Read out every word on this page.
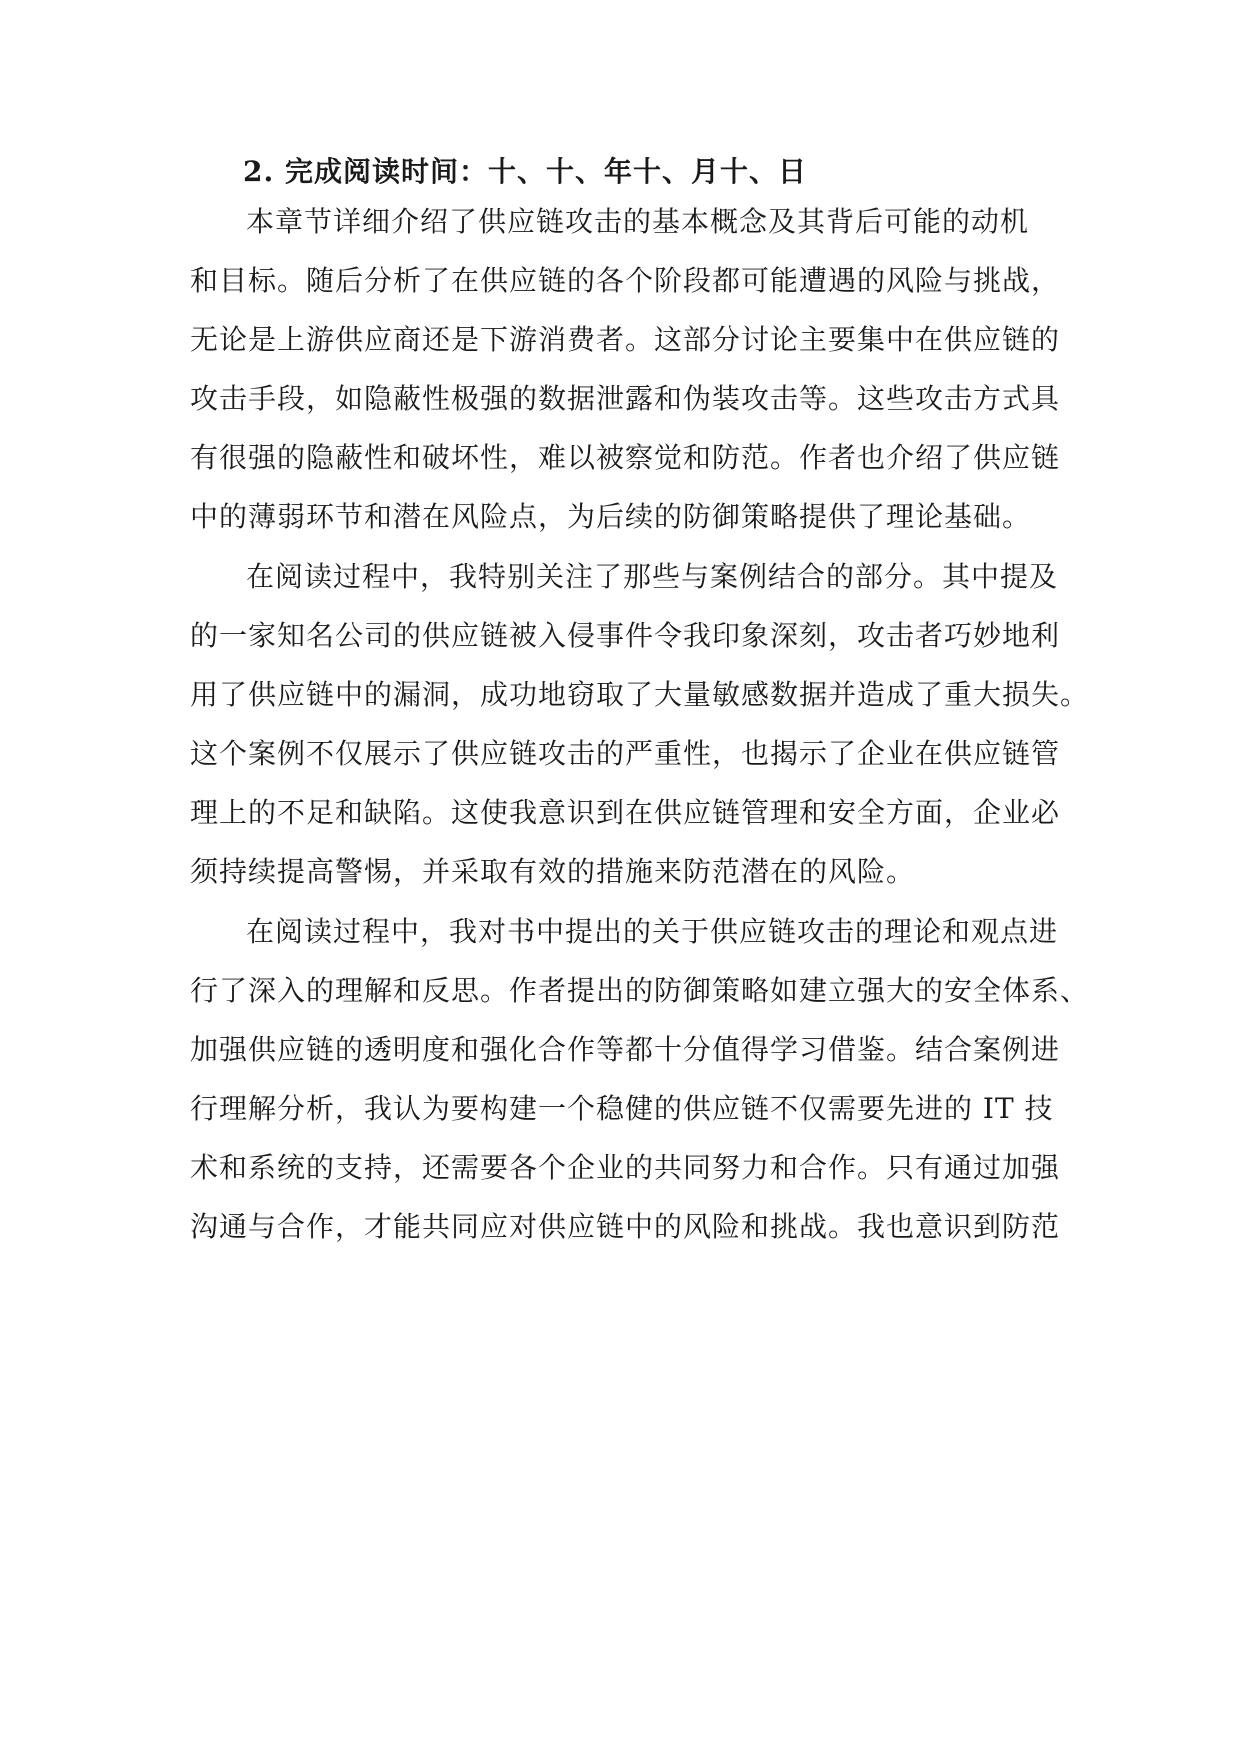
2. 完成阅读时间：十、十、年十、月十、日
本章节详细介绍了供应链攻击的基本概念及其背后可能的动机
和目标。随后分析了在供应链的各个阶段都可能遭遇的风险与挑战，
无论是上游供应商还是下游消费者。这部分讨论主要集中在供应链的
攻击手段，如隐蔽性极强的数据泄露和伪装攻击等。这些攻击方式具
有很强的隐蔽性和破坏性，难以被察觉和防范。作者也介绍了供应链
中的薄弱环节和潜在风险点，为后续的防御策略提供了理论基础。
在阅读过程中，我特别关注了那些与案例结合的部分。其中提及
的一家知名公司的供应链被入侵事件令我印象深刻，攻击者巧妙地利
用了供应链中的漏洞，成功地窃取了大量敏感数据并造成了重大损失。
这个案例不仅展示了供应链攻击的严重性，也揭示了企业在供应链管
理上的不足和缺陷。这使我意识到在供应链管理和安全方面，企业必
须持续提高警惕，并采取有效的措施来防范潜在的风险。
在阅读过程中，我对书中提出的关于供应链攻击的理论和观点进
行了深入的理解和反思。作者提出的防御策略如建立强大的安全体系、
加强供应链的透明度和强化合作等都十分值得学习借鉴。结合案例进
行理解分析，我认为要构建一个稳健的供应链不仅需要先进的 IT 技
术和系统的支持，还需要各个企业的共同努力和合作。只有通过加强
沟通与合作，才能共同应对供应链中的风险和挑战。我也意识到防范
